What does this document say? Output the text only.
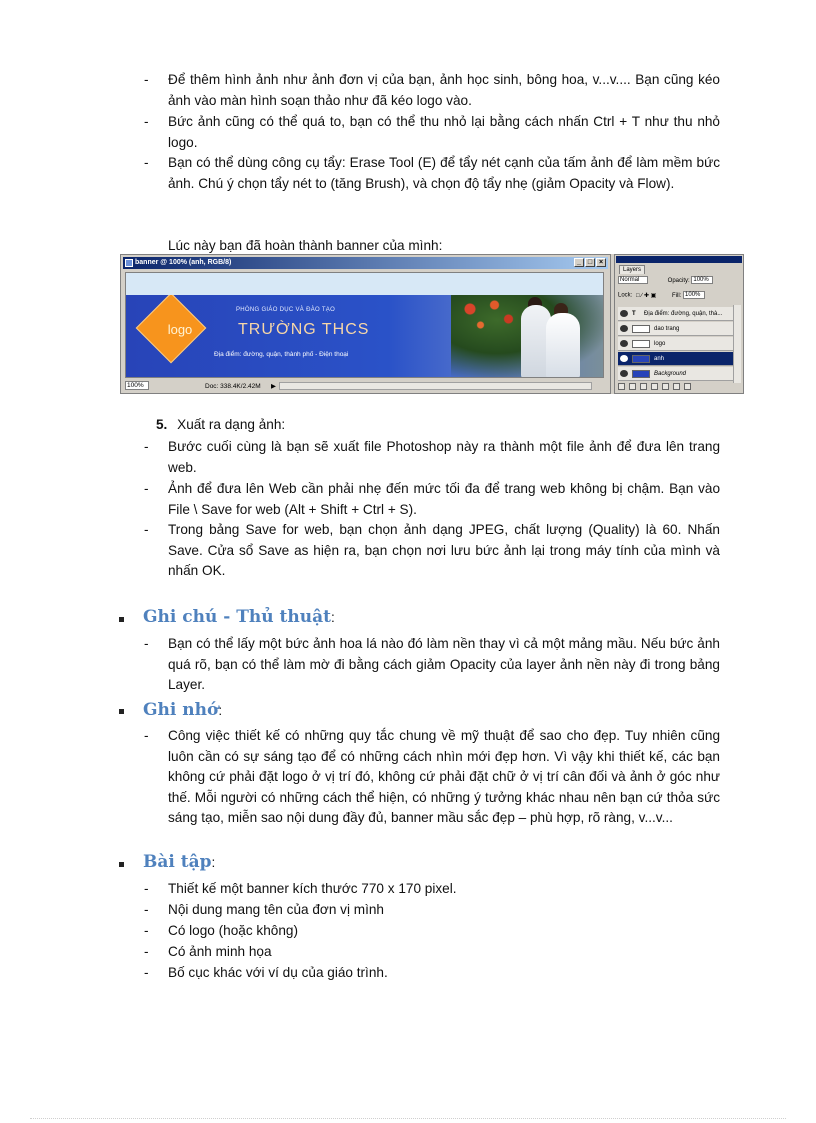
- Để thêm hình ảnh như ảnh đơn vị của bạn, ảnh học sinh, bông hoa, v...v.... Bạn cũng kéo ảnh vào màn hình soạn thảo như đã kéo logo vào.
- Bức ảnh cũng có thể quá to, bạn có thể thu nhỏ lại bằng cách nhấn Ctrl + T như thu nhỏ logo.
- Bạn có thể dùng công cụ tẩy: Erase Tool (E) để tẩy nét cạnh của tấm ảnh để làm mềm bức ảnh. Chú ý chọn tẩy nét to (tăng Brush), và chọn độ tẩy nhẹ (giảm Opacity và Flow).
Lúc này bạn đã hoàn thành banner của mình:
banner @ 100% (anh, RGB/8)	_ □ ×
logo
PHÒNG GIÁO DỤC VÀ ĐÀO TẠO
TRƯỜNG THCS
Địa điểm: đường, quận, thành phố - Điện thoại
100%	Doc: 338.4K/2.42M ▶
Layers
Normal	Opacity: 100%
Lock: □ ∕ ✚ ▣	Fill: 100%
T	Địa điểm: đường, quận, thà...
dao trang
logo
anh
Background
5. Xuất ra dạng ảnh:
- Bước cuối cùng là bạn sẽ xuất file Photoshop này ra thành một file ảnh để đưa lên trang web.
- Ảnh để đưa lên Web cần phải nhẹ đến mức tối đa để trang web không bị chậm. Bạn vào File \ Save for web (Alt + Shift + Ctrl + S).
- Trong bảng Save for web, bạn chọn ảnh dạng JPEG, chất lượng (Quality) là 60. Nhấn Save. Cửa sổ Save as hiện ra, bạn chọn nơi lưu bức ảnh lại trong máy tính của mình và nhấn OK.
Ghi chú - Thủ thuật:
- Bạn có thể lấy một bức ảnh hoa lá nào đó làm nền thay vì cả một mảng mầu. Nếu bức ảnh quá rõ, bạn có thể làm mờ đi bằng cách giảm Opacity của layer ảnh nền này đi trong bảng Layer.
Ghi nhớ:
- Công việc thiết kế có những quy tắc chung về mỹ thuật để sao cho đẹp. Tuy nhiên cũng luôn cần có sự sáng tạo để có những cách nhìn mới đẹp hơn. Vì vậy khi thiết kế, các bạn không cứ phải đặt logo ở vị trí đó, không cứ phải đặt chữ ở vị trí cân đối và ảnh ở góc như thế. Mỗi người có những cách thể hiện, có những ý tưởng khác nhau nên bạn cứ thỏa sức sáng tạo, miễn sao nội dung đầy đủ, banner mầu sắc đẹp – phù hợp, rõ ràng, v...v...
Bài tập:
- Thiết kế một banner kích thước 770 x 170 pixel.
- Nội dung mang tên của đơn vị mình
- Có logo (hoặc không)
- Có ảnh minh họa
- Bố cục khác với ví dụ của giáo trình.
